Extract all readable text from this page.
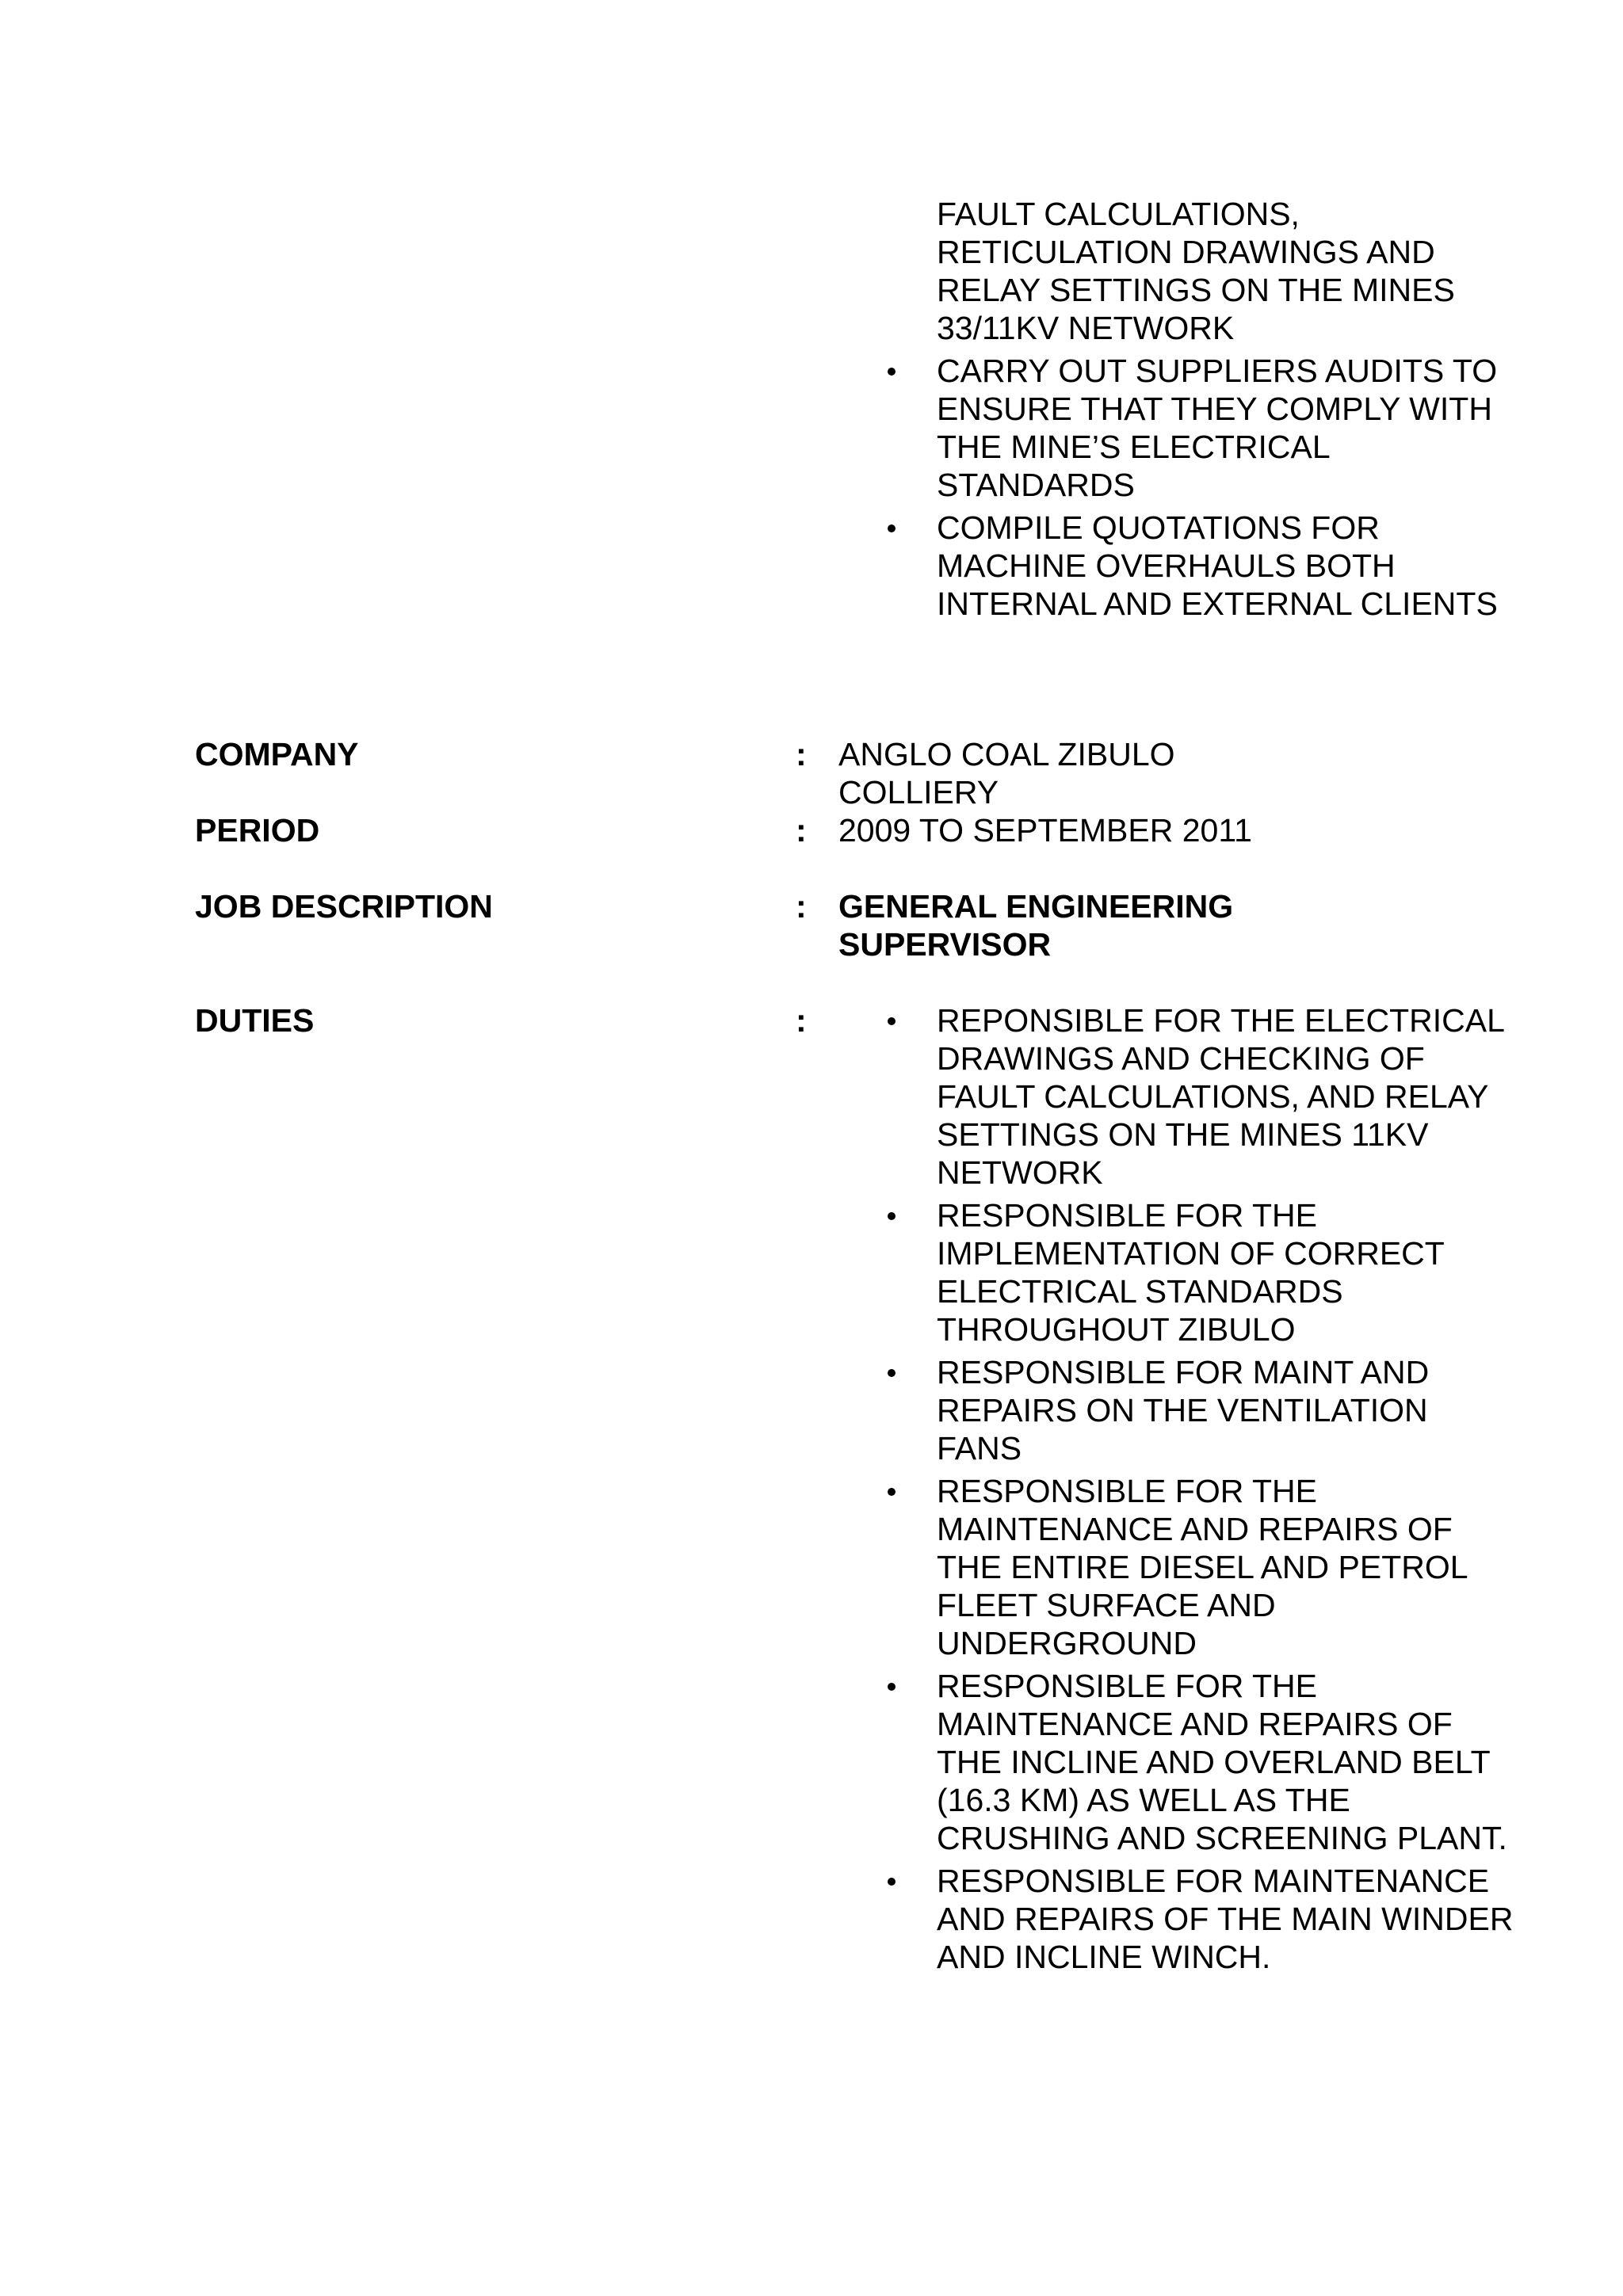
FAULT CALCULATIONS, RETICULATION DRAWINGS AND RELAY SETTINGS ON THE MINES 33/11KV NETWORK
CARRY OUT SUPPLIERS AUDITS TO ENSURE THAT THEY COMPLY WITH THE MINE’S ELECTRICAL STANDARDS
COMPILE QUOTATIONS FOR MACHINE OVERHAULS BOTH INTERNAL AND EXTERNAL CLIENTS
COMPANY	: ANGLO COAL ZIBULO COLLIERY
PERIOD	: 2009 TO SEPTEMBER 2011
JOB DESCRIPTION	: GENERAL ENGINEERING SUPERVISOR
DUTIES	:	REPONSIBLE FOR THE ELECTRICAL DRAWINGS AND CHECKING OF FAULT CALCULATIONS, AND RELAY SETTINGS ON THE MINES 11KV NETWORK
RESPONSIBLE FOR THE IMPLEMENTATION OF CORRECT ELECTRICAL STANDARDS THROUGHOUT ZIBULO
RESPONSIBLE FOR MAINT AND REPAIRS ON THE VENTILATION FANS
RESPONSIBLE FOR THE MAINTENANCE AND REPAIRS OF THE ENTIRE DIESEL AND PETROL FLEET SURFACE AND UNDERGROUND
RESPONSIBLE FOR THE MAINTENANCE AND REPAIRS OF THE INCLINE AND OVERLAND BELT (16.3 KM) AS WELL AS THE CRUSHING AND SCREENING PLANT.
RESPONSIBLE FOR MAINTENANCE AND REPAIRS OF THE MAIN WINDER AND INCLINE WINCH.
